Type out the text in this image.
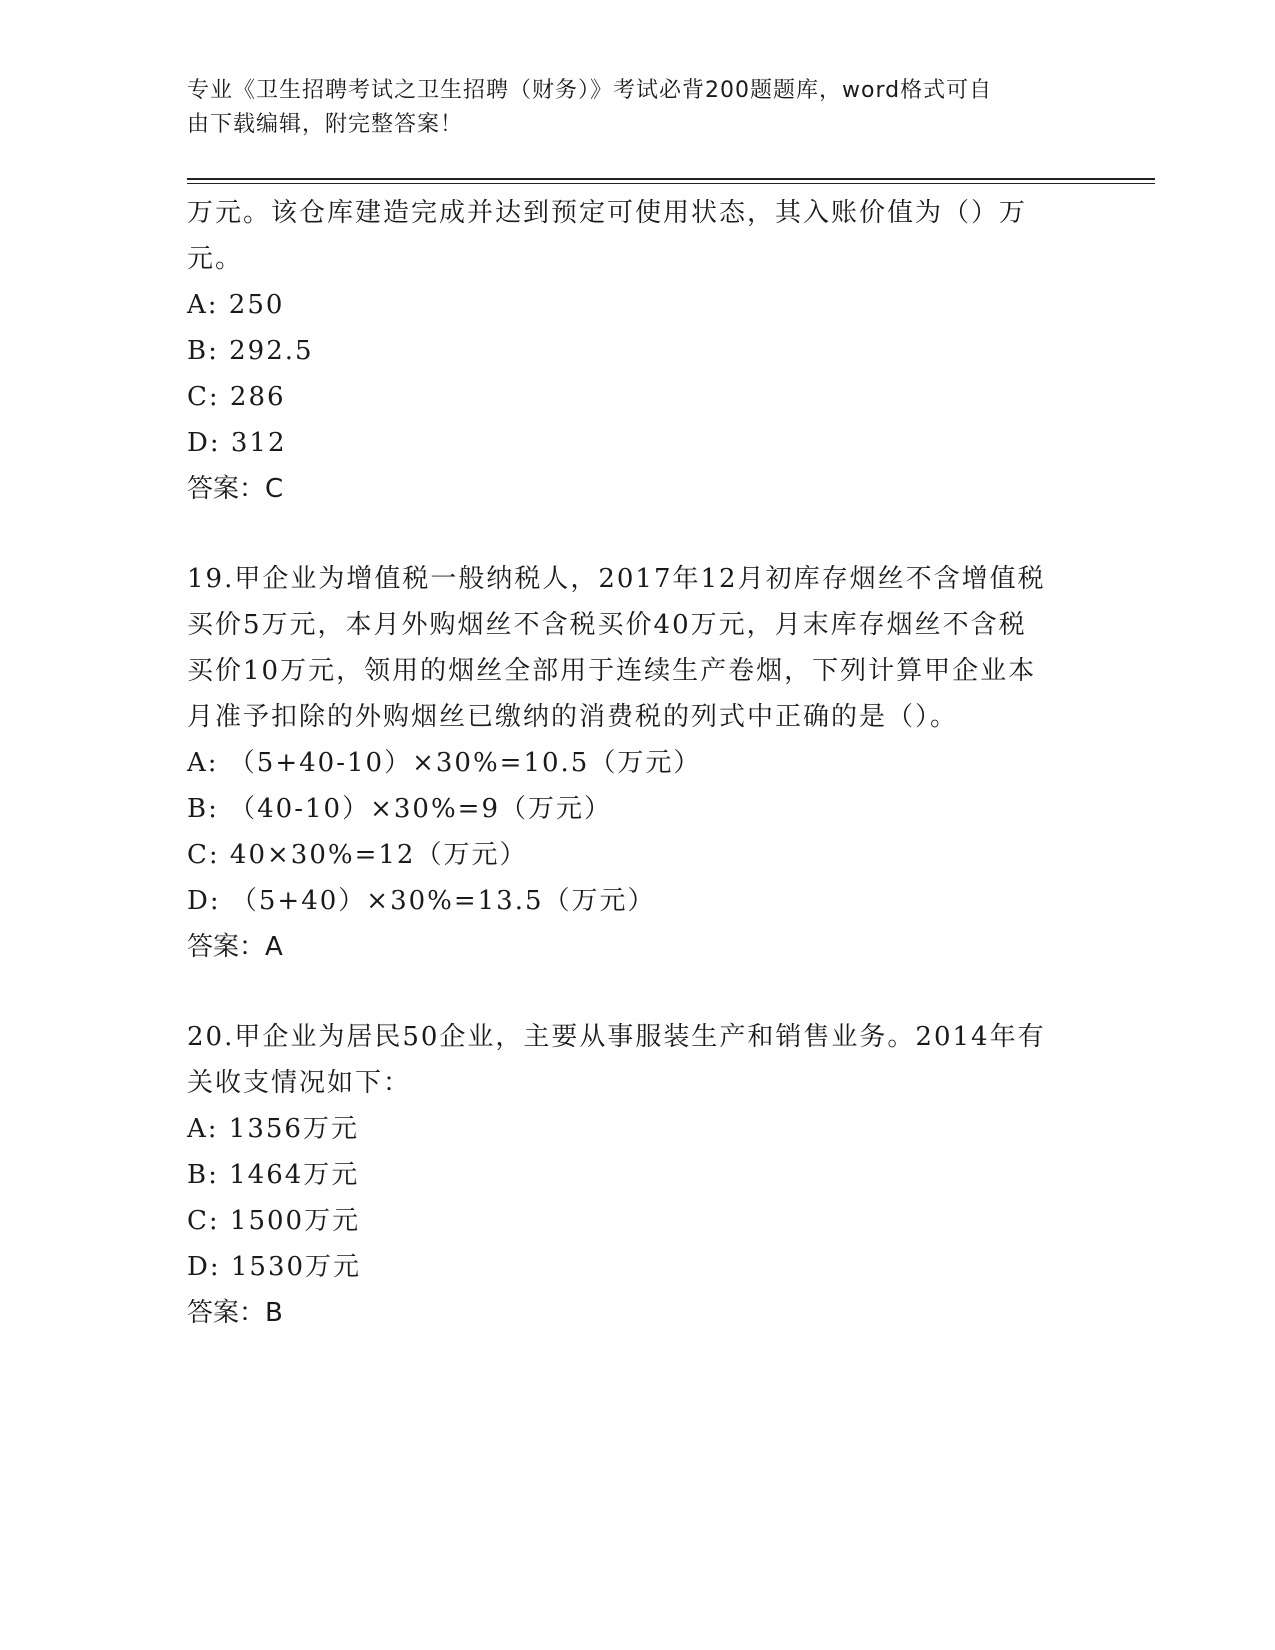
专业《卫生招聘考试之卫生招聘（财务）》考试必背200题题库，word格式可自
由下载编辑，附完整答案！
万元。该仓库建造完成并达到预定可使用状态，其入账价值为（）万
元。
A: 250
B: 292.5
C: 286
D: 312
答案：C
19.甲企业为增值税一般纳税人，2017年12月初库存烟丝不含增值税
买价5万元，本月外购烟丝不含税买价40万元，月末库存烟丝不含税
买价10万元，领用的烟丝全部用于连续生产卷烟，下列计算甲企业本
月准予扣除的外购烟丝已缴纳的消费税的列式中正确的是（）。
A: （5+40-10）×30%=10.5（万元）
B: （40-10）×30%=9（万元）
C: 40×30%=12（万元）
D: （5+40）×30%=13.5（万元）
答案：A
20.甲企业为居民50企业，主要从事服装生产和销售业务。2014年有
关收支情况如下：
A: 1356万元
B: 1464万元
C: 1500万元
D: 1530万元
答案：B
